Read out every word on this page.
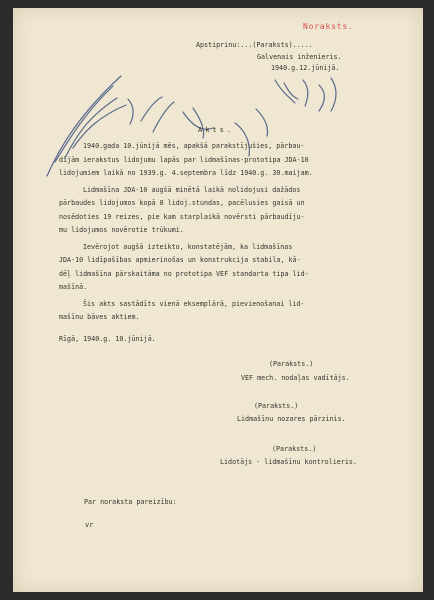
Noraksts.
Apstiprinu:...(Paraksts).....
Galvenais inženieris.
1940.g.12.jūnijā.
Akts.
1940.gada 10.jūnijā mēs, apakšā parakstījušies, pārbau-
dījām ierakstus lidojumu lapās par lidmašīnas-prototipa JDA-10
lidojumiem laikā no 1939.g. 4.septembra līdz 1940.g. 30.maijam.
Lidmašīna JDA-10 augšā minētā laikā nolidojusi dažādos
pārbaudes lidojumos kopā 8 lidoj.stundas, pacēlusies gaisā un
nosēdoties 19 reizes, pie kam starplaikā novērsti pārbaudīju-
mu lidojumos novērotie trūkumi.
Ievērojot augšā izteikto, konstatējām, ka lidmašīnas
JDA-10 lidīpašības apmierinošas un konstrukcija stabila, kā-
dēļ lidmašīna pārskaitāma no prototipa VEF standarta tipa lid-
mašīnā.
Šis akts sastādīts vienā eksemplārā, pievienošanai lid-
mašīnu bāves aktiem.
Rīgā, 1940.g. 10.jūnijā.
(Paraksts.)
VEF mech. nodaļas vadītājs.
(Paraksts.)
Lidmašīnu nozares pārzinis.
(Paraksts.)
Lidotājs - lidmašīnu kontrolieris.
Par noraksta pareizību:
vr
